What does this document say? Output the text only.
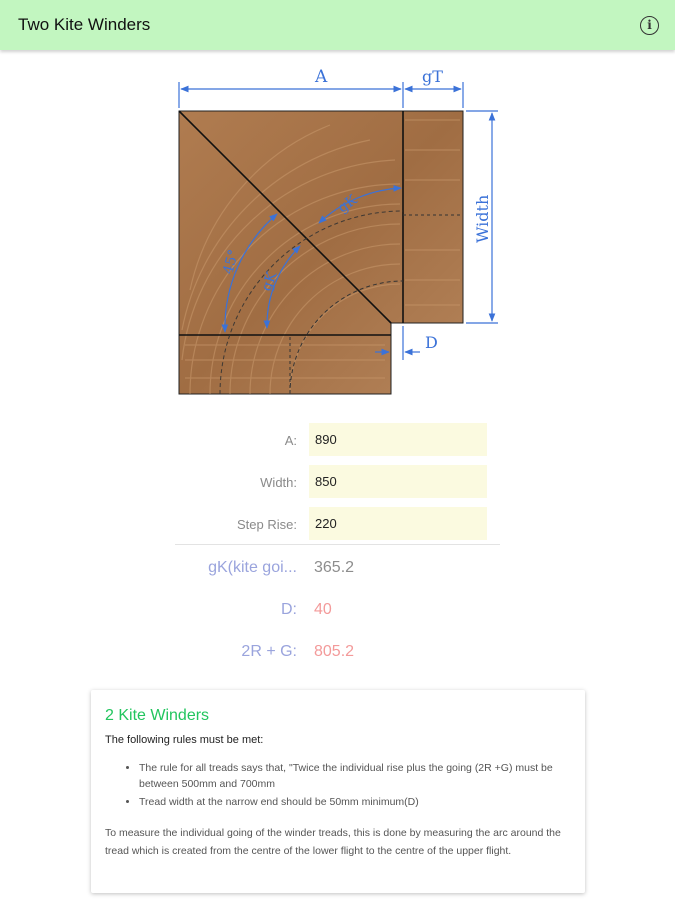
Two Kite Winders	i
A	gT
Width
D
45°
gK
gK
A:
890
Width:
850
Step Rise:
220
gK(kite goi... 365.2
D: 40
2R + G: 805.2
2 Kite Winders
The following rules must be met:
• The rule for all treads says that, "Twice the individual rise plus the going (2R +G) must be between 500mm and 700mm
• Tread width at the narrow end should be 50mm minimum(D)
To measure the individual going of the winder treads, this is done by measuring the arc around the tread which is created from the centre of the lower flight to the centre of the upper flight.
